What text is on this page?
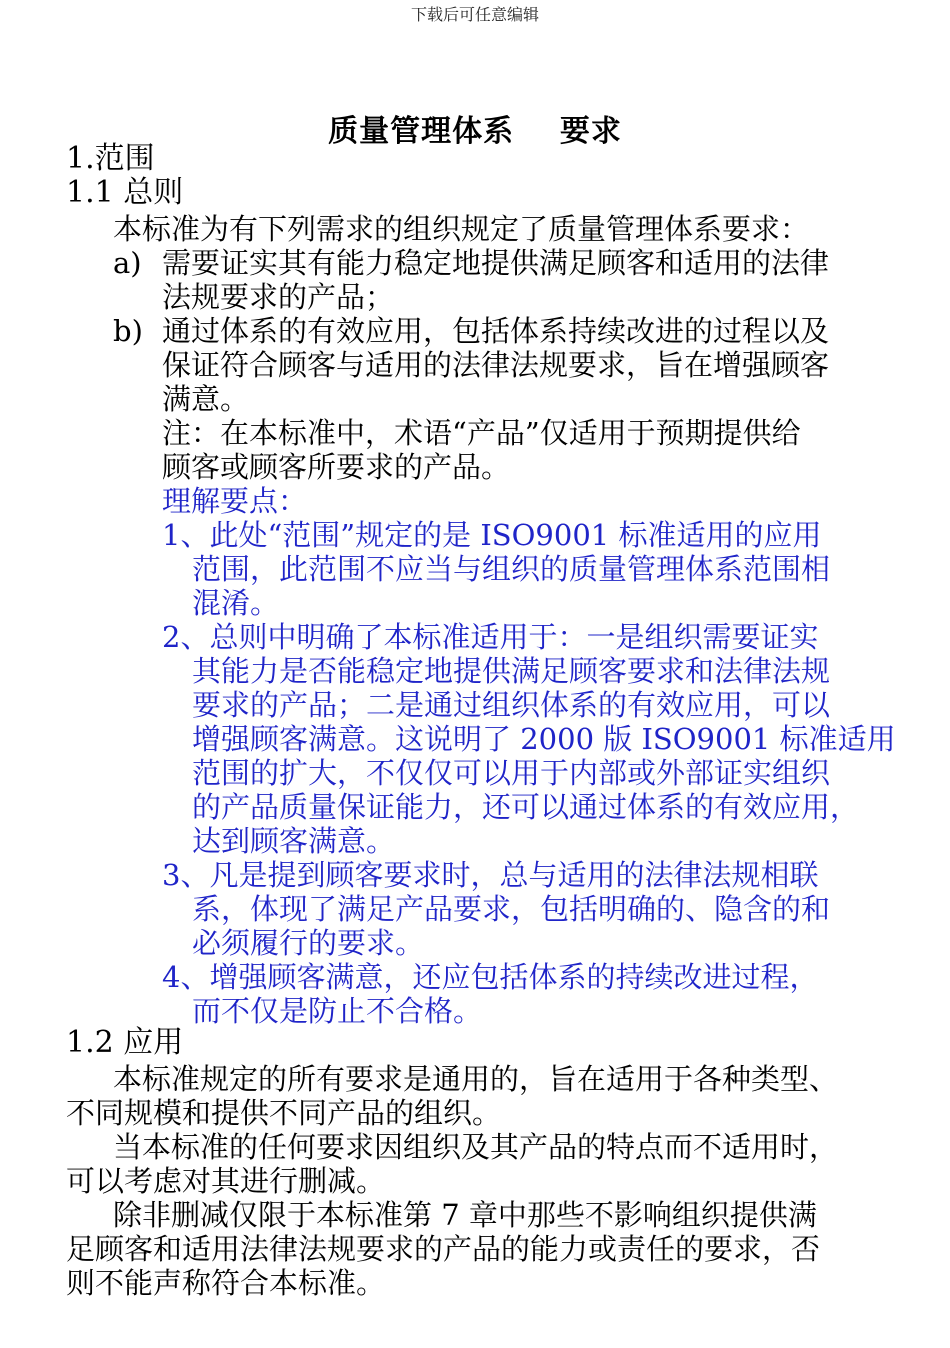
下载后可任意编辑
质量管理体系    要求
1.范围
1.1 总则
本标准为有下列需求的组织规定了质量管理体系要求：
a) 需要证实其有能力稳定地提供满足顾客和适用的法律
法规要求的产品；
b) 通过体系的有效应用，包括体系持续改进的过程以及
保证符合顾客与适用的法律法规要求，旨在增强顾客
满意。
注：在本标准中，术语“产品”仅适用于预期提供给
顾客或顾客所要求的产品。
理解要点：
1、此处“范围”规定的是 ISO9001 标准适用的应用
范围，此范围不应当与组织的质量管理体系范围相
混淆。
2、总则中明确了本标准适用于：一是组织需要证实
其能力是否能稳定地提供满足顾客要求和法律法规
要求的产品；二是通过组织体系的有效应用，可以
增强顾客满意。这说明了 2000 版 ISO9001 标准适用
范围的扩大，不仅仅可以用于内部或外部证实组织
的产品质量保证能力，还可以通过体系的有效应用，
达到顾客满意。
3、凡是提到顾客要求时，总与适用的法律法规相联
系，体现了满足产品要求，包括明确的、隐含的和
必须履行的要求。
4、增强顾客满意，还应包括体系的持续改进过程，
而不仅是防止不合格。
1.2 应用
本标准规定的所有要求是通用的，旨在适用于各种类型、
不同规模和提供不同产品的组织。
当本标准的任何要求因组织及其产品的特点而不适用时，
可以考虑对其进行删减。
除非删减仅限于本标准第 7 章中那些不影响组织提供满
足顾客和适用法律法规要求的产品的能力或责任的要求，否
则不能声称符合本标准。
